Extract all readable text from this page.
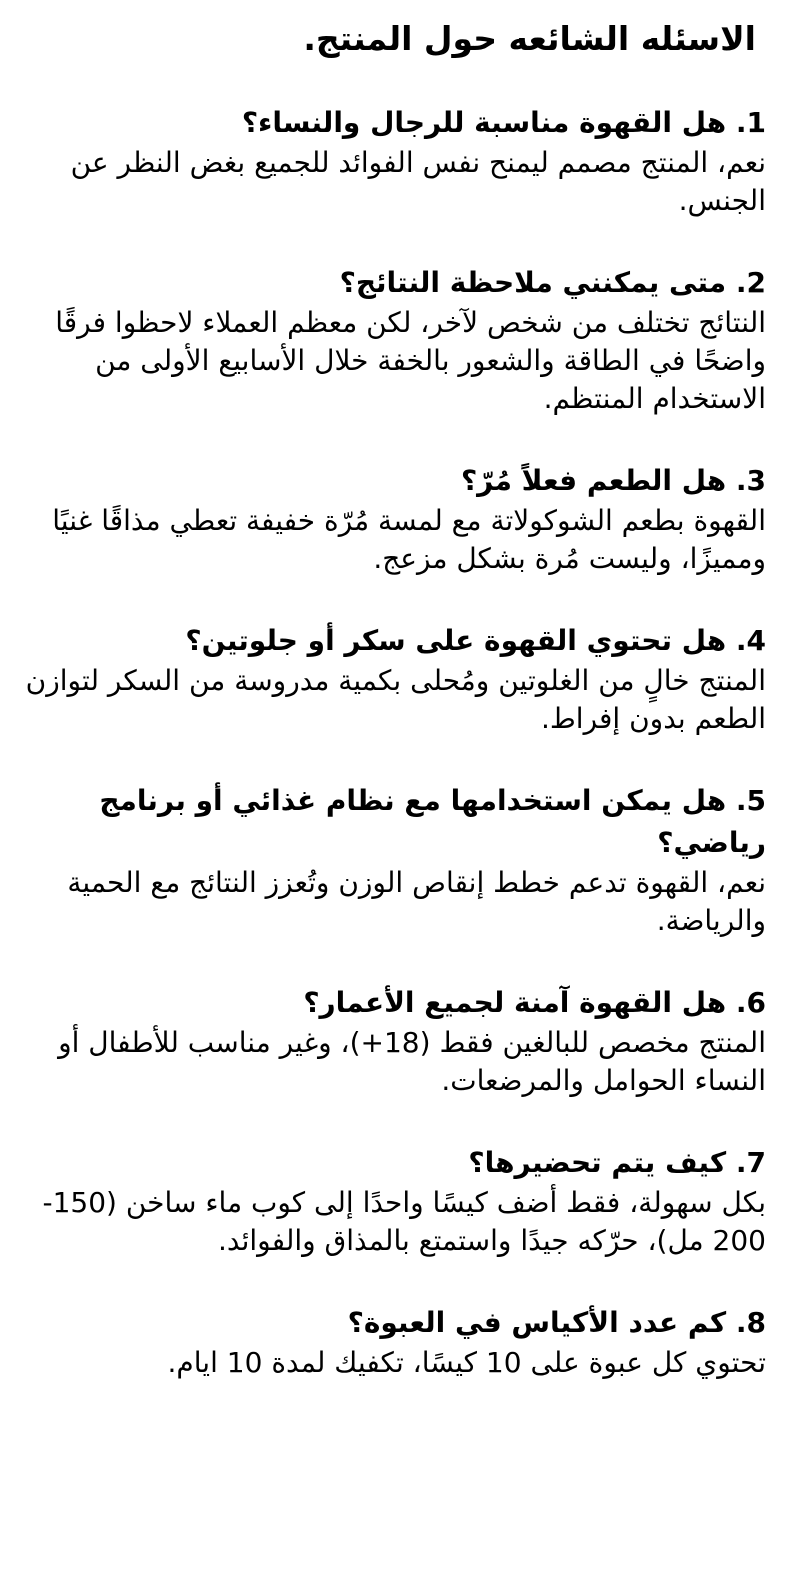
الاسئله الشائعه حول المنتج.

1. هل القهوة مناسبة للرجال والنساء؟

نعم، المنتج مصمم ليمنح نفس الفوائد للجميع بغض النظر عن الجنس.

2. متى يمكنني ملاحظة النتائج؟

النتائج تختلف من شخص لآخر، لكن معظم العملاء لاحظوا فرقًا واضحًا في الطاقة والشعور بالخفة خلال الأسابيع الأولى من الاستخدام المنتظم.

3. هل الطعم فعلاً مُرّ؟

القهوة بطعم الشوكولاتة مع لمسة مُرّة خفيفة تعطي مذاقًا غنيًا ومميزًا، وليست مُرة بشكل مزعج.

4. هل تحتوي القهوة على سكر أو جلوتين؟

المنتج خالٍ من الغلوتين ومُحلى بكمية مدروسة من السكر لتوازن الطعم بدون إفراط.

5. هل يمكن استخدامها مع نظام غذائي أو برنامج رياضي؟

نعم، القهوة تدعم خطط إنقاص الوزن وتُعزز النتائج مع الحمية والرياضة.

6. هل القهوة آمنة لجميع الأعمار؟

المنتج مخصص للبالغين فقط (18+)، وغير مناسب للأطفال أو النساء الحوامل والمرضعات.

7. كيف يتم تحضيرها؟

بكل سهولة، فقط أضف كيسًا واحدًا إلى كوب ماء ساخن (150-200 مل)، حرّكه جيدًا واستمتع بالمذاق والفوائد.

8. كم عدد الأكياس في العبوة؟

تحتوي كل عبوة على 10 كيسًا، تكفيك لمدة 10 ايام.
